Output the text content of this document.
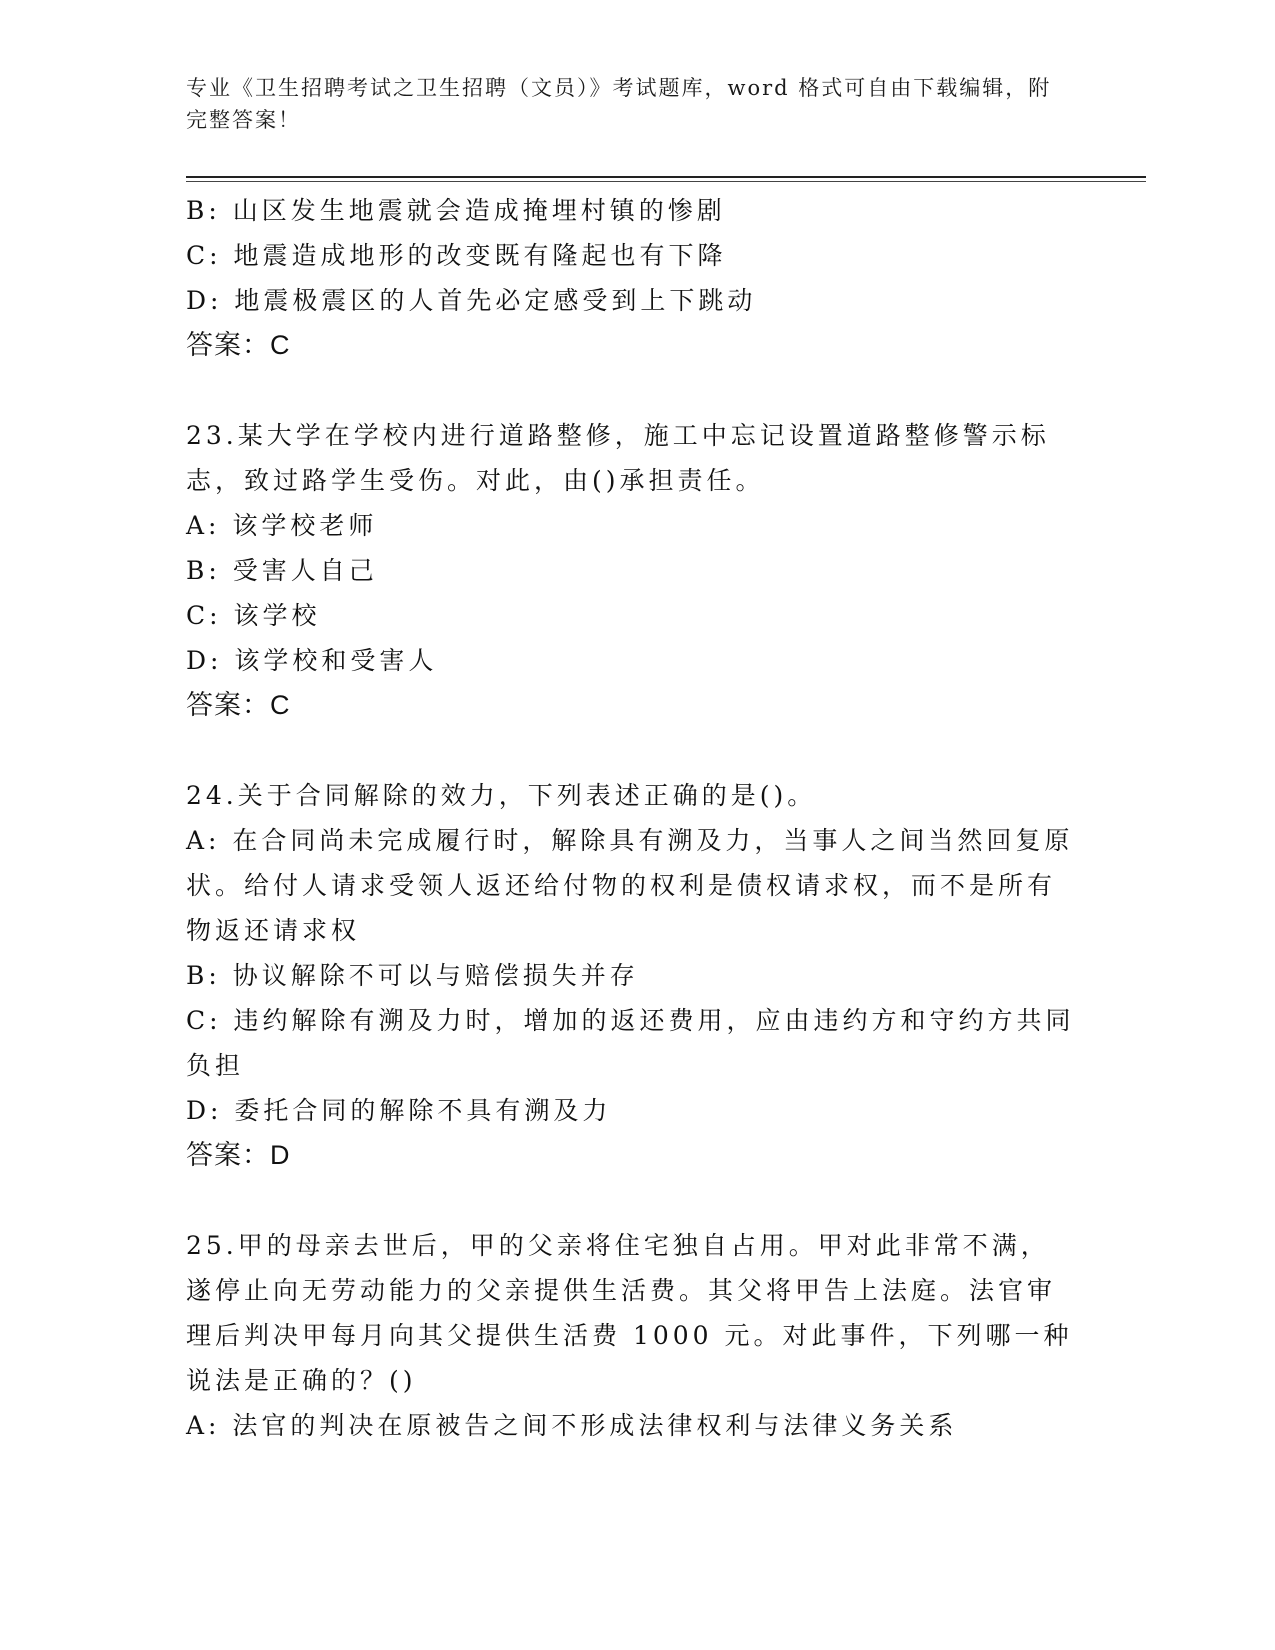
专业《卫生招聘考试之卫生招聘（文员）》考试题库，word 格式可自由下载编辑，附完整答案！

B: 山区发生地震就会造成掩埋村镇的惨剧

C: 地震造成地形的改变既有隆起也有下降

D: 地震极震区的人首先必定感受到上下跳动

答案：C

23.某大学在学校内进行道路整修，施工中忘记设置道路整修警示标志，致过路学生受伤。对此，由()承担责任。

A: 该学校老师

B: 受害人自己

C: 该学校

D: 该学校和受害人

答案：C

24.关于合同解除的效力，下列表述正确的是()。

A: 在合同尚未完成履行时，解除具有溯及力，当事人之间当然回复原状。给付人请求受领人返还给付物的权利是债权请求权，而不是所有物返还请求权

B: 协议解除不可以与赔偿损失并存

C: 违约解除有溯及力时，增加的返还费用，应由违约方和守约方共同负担

D: 委托合同的解除不具有溯及力

答案：D

25.甲的母亲去世后，甲的父亲将住宅独自占用。甲对此非常不满，遂停止向无劳动能力的父亲提供生活费。其父将甲告上法庭。法官审理后判决甲每月向其父提供生活费 1000 元。对此事件，下列哪一种说法是正确的？()

A: 法官的判决在原被告之间不形成法律权利与法律义务关系
